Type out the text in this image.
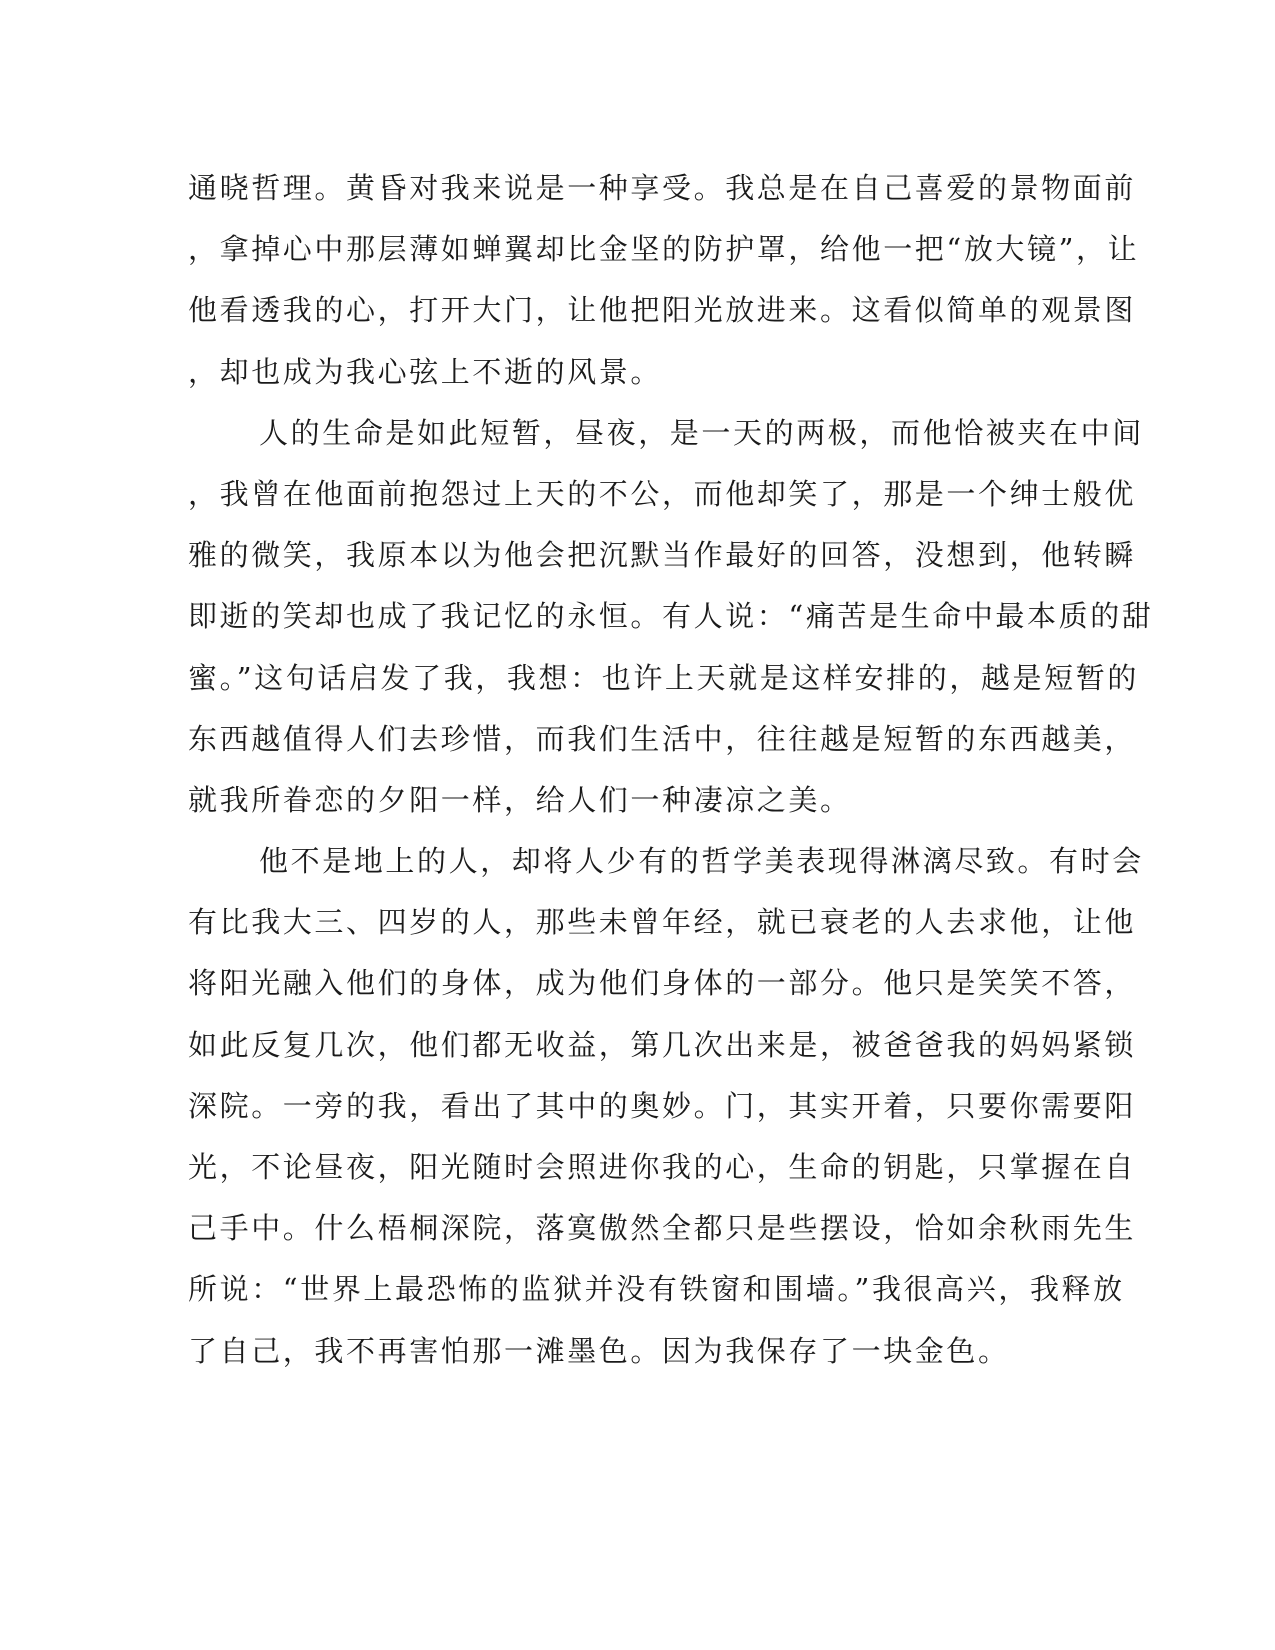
通晓哲理。黄昏对我来说是一种享受。我总是在自己喜爱的景物面前
，拿掉心中那层薄如蝉翼却比金坚的防护罩，给他一把“放大镜”，让
他看透我的心，打开大门，让他把阳光放进来。这看似简单的观景图
，却也成为我心弦上不逝的风景。
人的生命是如此短暂，昼夜，是一天的两极，而他恰被夹在中间
，我曾在他面前抱怨过上天的不公，而他却笑了，那是一个绅士般优
雅的微笑，我原本以为他会把沉默当作最好的回答，没想到，他转瞬
即逝的笑却也成了我记忆的永恒。有人说：“痛苦是生命中最本质的甜
蜜。”这句话启发了我，我想：也许上天就是这样安排的，越是短暂的
东西越值得人们去珍惜，而我们生活中，往往越是短暂的东西越美，
就我所眷恋的夕阳一样，给人们一种凄凉之美。
他不是地上的人，却将人少有的哲学美表现得淋漓尽致。有时会
有比我大三、四岁的人，那些未曾年经，就已衰老的人去求他，让他
将阳光融入他们的身体，成为他们身体的一部分。他只是笑笑不答，
如此反复几次，他们都无收益，第几次出来是，被爸爸我的妈妈紧锁
深院。一旁的我，看出了其中的奥妙。门，其实开着，只要你需要阳
光，不论昼夜，阳光随时会照进你我的心，生命的钥匙，只掌握在自
己手中。什么梧桐深院，落寞傲然全都只是些摆设，恰如余秋雨先生
所说：“世界上最恐怖的监狱并没有铁窗和围墙。”我很高兴，我释放
了自己，我不再害怕那一滩墨色。因为我保存了一块金色。
